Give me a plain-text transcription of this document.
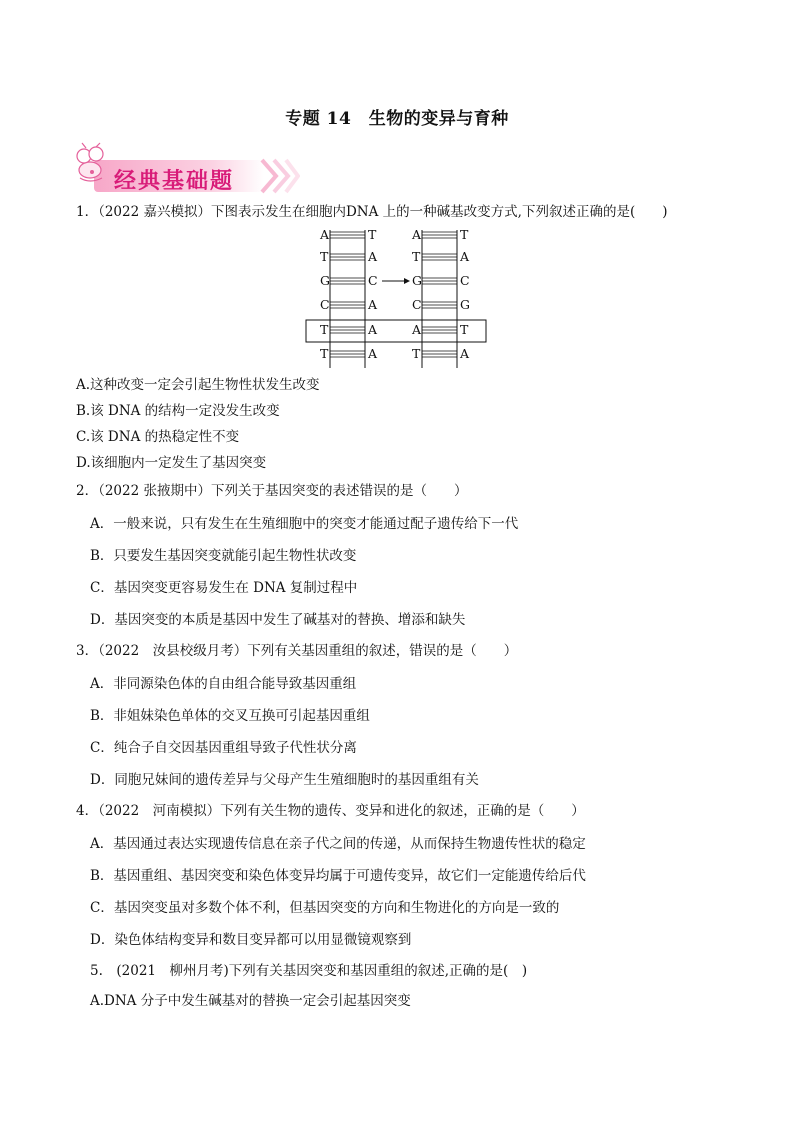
专题 14　生物的变异与育种
经典基础题
1．（2022 嘉兴模拟）下图表示发生在细胞内DNA 上的一种碱基改变方式,下列叙述正确的是(　　)
A	T
T	A
G	C
C	A
T	A
T	A
A	T
T	A
G	C
C	G
A	T
T	A
A.这种改变一定会引起生物性状发生改变
B.该 DNA 的结构一定没发生改变
C.该 DNA 的热稳定性不变
D.该细胞内一定发生了基因突变
2．（2022 张掖期中）下列关于基因突变的表述错误的是（　　）
A．一般来说，只有发生在生殖细胞中的突变才能通过配子遗传给下一代
B．只要发生基因突变就能引起生物性状改变
C．基因突变更容易发生在 DNA 复制过程中
D．基因突变的本质是基因中发生了碱基对的替换、增添和缺失
3．（2022　汝县校级月考）下列有关基因重组的叙述，错误的是（　　）
A．非同源染色体的自由组合能导致基因重组
B．非姐妹染色单体的交叉互换可引起基因重组
C．纯合子自交因基因重组导致子代性状分离
D．同胞兄妹间的遗传差异与父母产生生殖细胞时的基因重组有关
4．（2022　河南模拟）下列有关生物的遗传、变异和进化的叙述，正确的是（　　）
A．基因通过表达实现遗传信息在亲子代之间的传递，从而保持生物遗传性状的稳定
B．基因重组、基因突变和染色体变异均属于可遗传变异，故它们一定能遗传给后代
C．基因突变虽对多数个体不利，但基因突变的方向和生物进化的方向是一致的
D．染色体结构变异和数目变异都可以用显微镜观察到
5.　(2021　柳州月考)下列有关基因突变和基因重组的叙述,正确的是(　)
A.DNA 分子中发生碱基对的替换一定会引起基因突变
